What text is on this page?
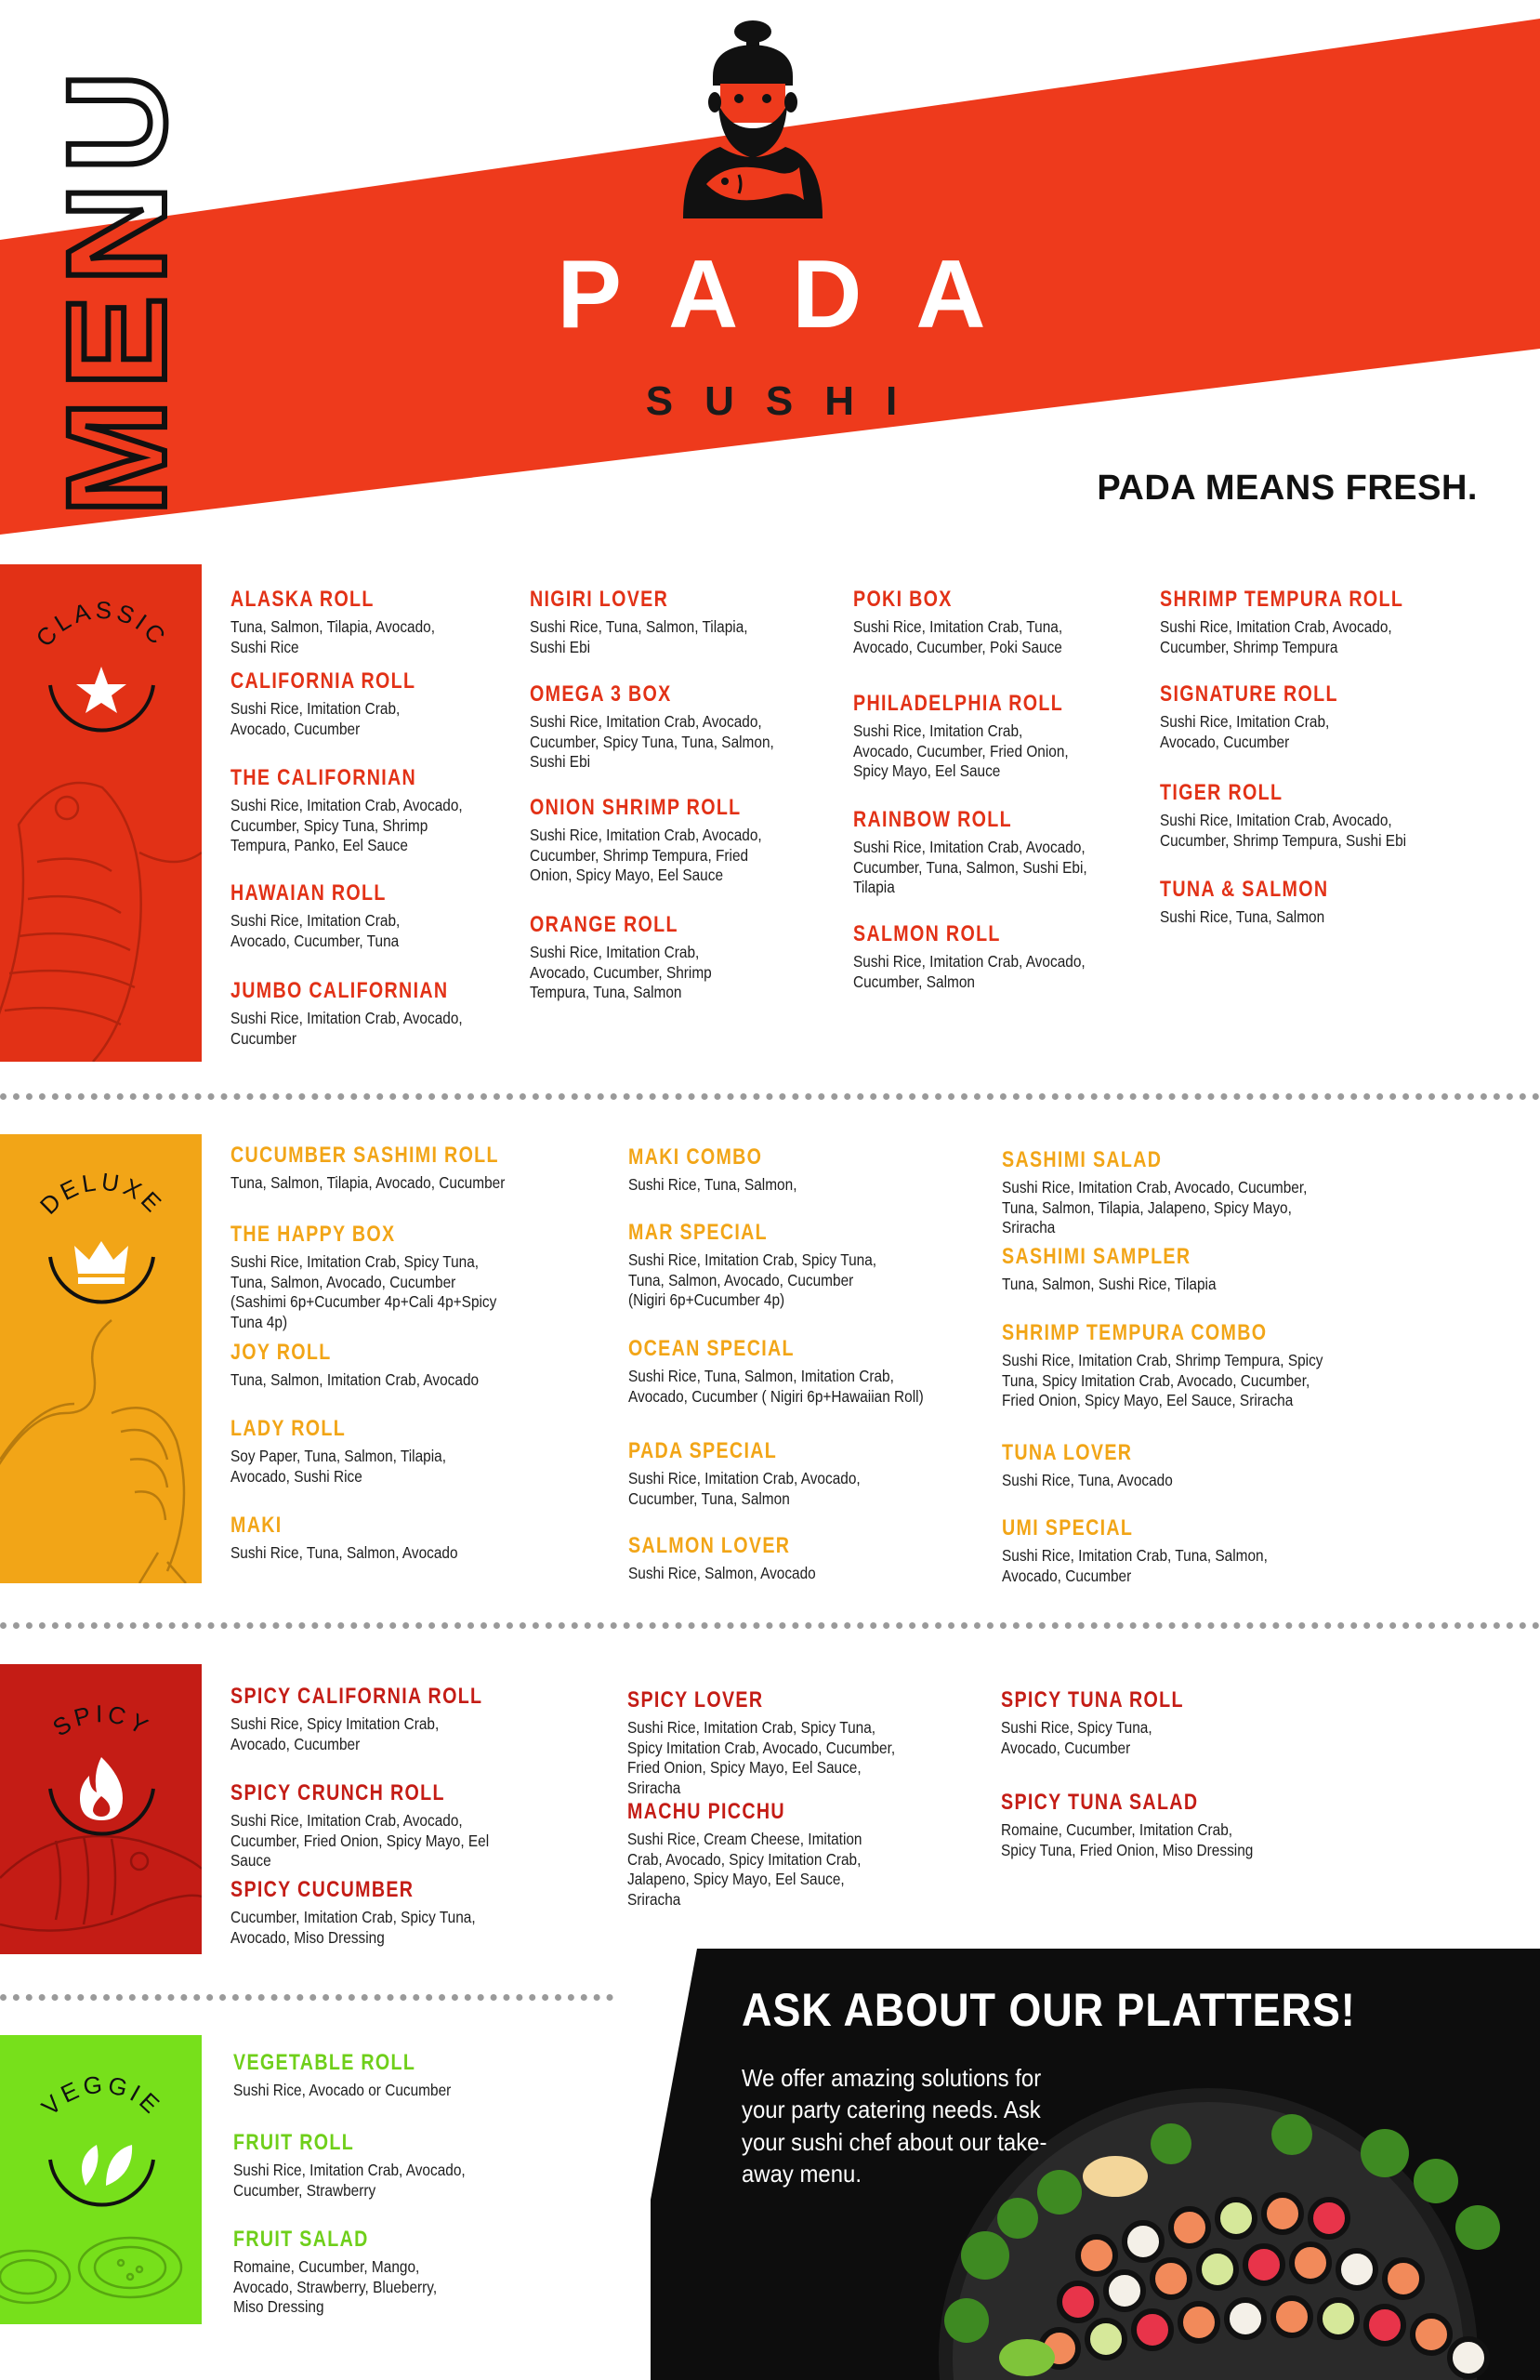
MENU	PADA
SUSHI
PADA MEANS FRESH.
CLASSIC
ALASKA ROLL
Tuna, Salmon, Tilapia, Avocado, Sushi Rice
CALIFORNIA ROLL
Sushi Rice, Imitation Crab, Avocado, Cucumber
THE CALIFORNIAN
Sushi Rice, Imitation Crab, Avocado, Cucumber, Spicy Tuna, Shrimp Tempura, Panko, Eel Sauce
HAWAIAN ROLL
Sushi Rice, Imitation Crab, Avocado, Cucumber, Tuna
JUMBO CALIFORNIAN
Sushi Rice, Imitation Crab, Avocado, Cucumber
NIGIRI LOVER
Sushi Rice, Tuna, Salmon, Tilapia, Sushi Ebi
OMEGA 3 BOX
Sushi Rice, Imitation Crab, Avocado, Cucumber, Spicy Tuna, Tuna, Salmon, Sushi Ebi
ONION SHRIMP ROLL
Sushi Rice, Imitation Crab, Avocado, Cucumber, Shrimp Tempura, Fried Onion, Spicy Mayo, Eel Sauce
ORANGE ROLL
Sushi Rice, Imitation Crab, Avocado, Cucumber, Shrimp Tempura, Tuna, Salmon
POKI BOX
Sushi Rice, Imitation Crab, Tuna, Avocado, Cucumber, Poki Sauce
PHILADELPHIA ROLL
Sushi Rice, Imitation Crab, Avocado, Cucumber, Fried Onion, Spicy Mayo, Eel Sauce
RAINBOW ROLL
Sushi Rice, Imitation Crab, Avocado, Cucumber, Tuna, Salmon, Sushi Ebi, Tilapia
SALMON ROLL
Sushi Rice, Imitation Crab, Avocado, Cucumber, Salmon
SHRIMP TEMPURA ROLL
Sushi Rice, Imitation Crab, Avocado, Cucumber, Shrimp Tempura
SIGNATURE ROLL
Sushi Rice, Imitation Crab, Avocado, Cucumber
TIGER ROLL
Sushi Rice, Imitation Crab, Avocado, Cucumber, Shrimp Tempura, Sushi Ebi
TUNA & SALMON
Sushi Rice, Tuna, Salmon
DELUXE
CUCUMBER SASHIMI ROLL
Tuna, Salmon, Tilapia, Avocado, Cucumber
THE HAPPY BOX
Sushi Rice, Imitation Crab, Spicy Tuna, Tuna, Salmon, Avocado, Cucumber (Sashimi 6p+Cucumber 4p+Cali 4p+Spicy Tuna 4p)
JOY ROLL
Tuna, Salmon, Imitation Crab, Avocado
LADY ROLL
Soy Paper, Tuna, Salmon, Tilapia, Avocado, Sushi Rice
MAKI
Sushi Rice, Tuna, Salmon, Avocado
MAKI COMBO
Sushi Rice, Tuna, Salmon,
MAR SPECIAL
Sushi Rice, Imitation Crab, Spicy Tuna, Tuna, Salmon, Avocado, Cucumber (Nigiri 6p+Cucumber 4p)
OCEAN SPECIAL
Sushi Rice, Tuna, Salmon, Imitation Crab, Avocado, Cucumber ( Nigiri 6p+Hawaiian Roll)
PADA SPECIAL
Sushi Rice, Imitation Crab, Avocado, Cucumber, Tuna, Salmon
SALMON LOVER
Sushi Rice, Salmon, Avocado
SASHIMI SALAD
Sushi Rice, Imitation Crab, Avocado, Cucumber, Tuna, Salmon, Tilapia, Jalapeno, Spicy Mayo, Sriracha
SASHIMI SAMPLER
Tuna, Salmon, Sushi Rice, Tilapia
SHRIMP TEMPURA COMBO
Sushi Rice, Imitation Crab, Shrimp Tempura, Spicy Tuna, Spicy Imitation Crab, Avocado, Cucumber, Fried Onion, Spicy Mayo, Eel Sauce, Sriracha
TUNA LOVER
Sushi Rice, Tuna, Avocado
UMI SPECIAL
Sushi Rice, Imitation Crab, Tuna, Salmon, Avocado, Cucumber
SPICY
SPICY CALIFORNIA ROLL
Sushi Rice, Spicy Imitation Crab, Avocado, Cucumber
SPICY CRUNCH ROLL
Sushi Rice, Imitation Crab, Avocado, Cucumber, Fried Onion, Spicy Mayo, Eel Sauce
SPICY CUCUMBER
Cucumber, Imitation Crab, Spicy Tuna, Avocado, Miso Dressing
SPICY LOVER
Sushi Rice, Imitation Crab, Spicy Tuna, Spicy Imitation Crab, Avocado, Cucumber, Fried Onion, Spicy Mayo, Eel Sauce, Sriracha
MACHU PICCHU
Sushi Rice, Cream Cheese, Imitation Crab, Avocado, Spicy Imitation Crab, Jalapeno, Spicy Mayo, Eel Sauce, Sriracha
SPICY TUNA ROLL
Sushi Rice, Spicy Tuna, Avocado, Cucumber
SPICY TUNA SALAD
Romaine, Cucumber, Imitation Crab, Spicy Tuna, Fried Onion, Miso Dressing
VEGGIE
VEGETABLE ROLL
Sushi Rice, Avocado or Cucumber
FRUIT ROLL
Sushi Rice, Imitation Crab, Avocado, Cucumber, Strawberry
FRUIT SALAD
Romaine, Cucumber, Mango, Avocado, Strawberry, Blueberry, Miso Dressing
ASK ABOUT OUR PLATTERS!
We offer amazing solutions for your party catering needs. Ask your sushi chef about our take-away menu.
